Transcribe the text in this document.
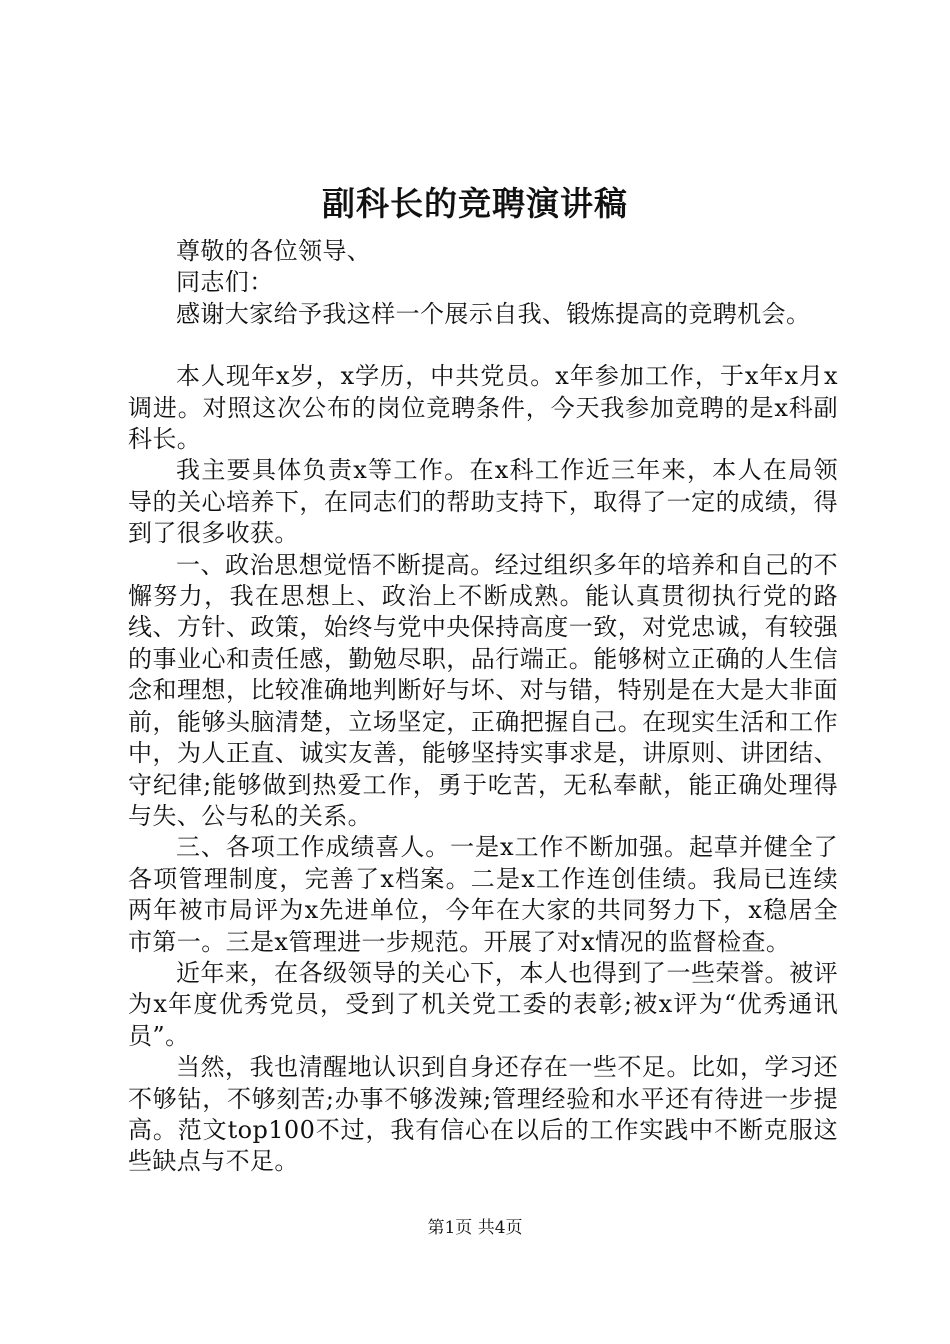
副科长的竞聘演讲稿

尊敬的各位领导、

同志们：

感谢大家给予我这样一个展示自我、锻炼提高的竞聘机会。

本人现年x岁，x学历，中共党员。x年参加工作，于x年x月x调进。对照这次公布的岗位竞聘条件，今天我参加竞聘的是x科副科长。

我主要具体负责x等工作。在x科工作近三年来，本人在局领导的关心培养下，在同志们的帮助支持下，取得了一定的成绩，得到了很多收获。

一、政治思想觉悟不断提高。经过组织多年的培养和自己的不懈努力，我在思想上、政治上不断成熟。能认真贯彻执行党的路线、方针、政策，始终与党中央保持高度一致，对党忠诚，有较强的事业心和责任感，勤勉尽职，品行端正。能够树立正确的人生信念和理想，比较准确地判断好与坏、对与错，特别是在大是大非面前，能够头脑清楚，立场坚定，正确把握自己。在现实生活和工作中，为人正直、诚实友善，能够坚持实事求是，讲原则、讲团结、守纪律;能够做到热爱工作，勇于吃苦，无私奉献，能正确处理得与失、公与私的关系。

三、各项工作成绩喜人。一是x工作不断加强。起草并健全了各项管理制度，完善了x档案。二是x工作连创佳绩。我局已连续两年被市局评为x先进单位，今年在大家的共同努力下，x稳居全市第一。三是x管理进一步规范。开展了对x情况的监督检查。

近年来，在各级领导的关心下，本人也得到了一些荣誉。被评为x年度优秀党员，受到了机关党工委的表彰;被x评为“优秀通讯员”。

当然，我也清醒地认识到自身还存在一些不足。比如，学习还不够钻，不够刻苦;办事不够泼辣;管理经验和水平还有待进一步提高。范文top100不过，我有信心在以后的工作实践中不断克服这些缺点与不足。

第1页 共4页
